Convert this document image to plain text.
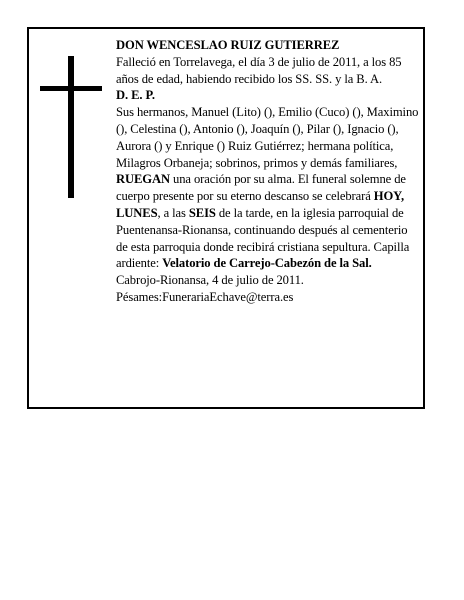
DON WENCESLAO RUIZ GUTIERREZ

Falleció en Torrelavega, el día 3 de julio de 2011, a los 85 años de edad, habiendo recibido los SS. SS. y la B. A.

D. E. P.

Sus hermanos, Manuel (Lito) (), Emilio (Cuco) (), Maximino (), Celestina (), Antonio (), Joaquín (), Pilar (), Ignacio (), Aurora () y Enrique () Ruiz Gutiérrez; hermana política, Milagros Orbaneja; sobrinos, primos y demás familiares,

RUEGAN una oración por su alma. El funeral solemne de cuerpo presente por su eterno descanso se celebrará HOY, LUNES, a las SEIS de la tarde, en la iglesia parroquial de Puentenansa-Rionansa, continuando después al cementerio de esta parroquia donde recibirá cristiana sepultura. Capilla ardiente: Velatorio de Carrejo-Cabezón de la Sal.

Cabrojo-Rionansa, 4 de julio de 2011.

Pésames:FunerariaEchave@terra.es
